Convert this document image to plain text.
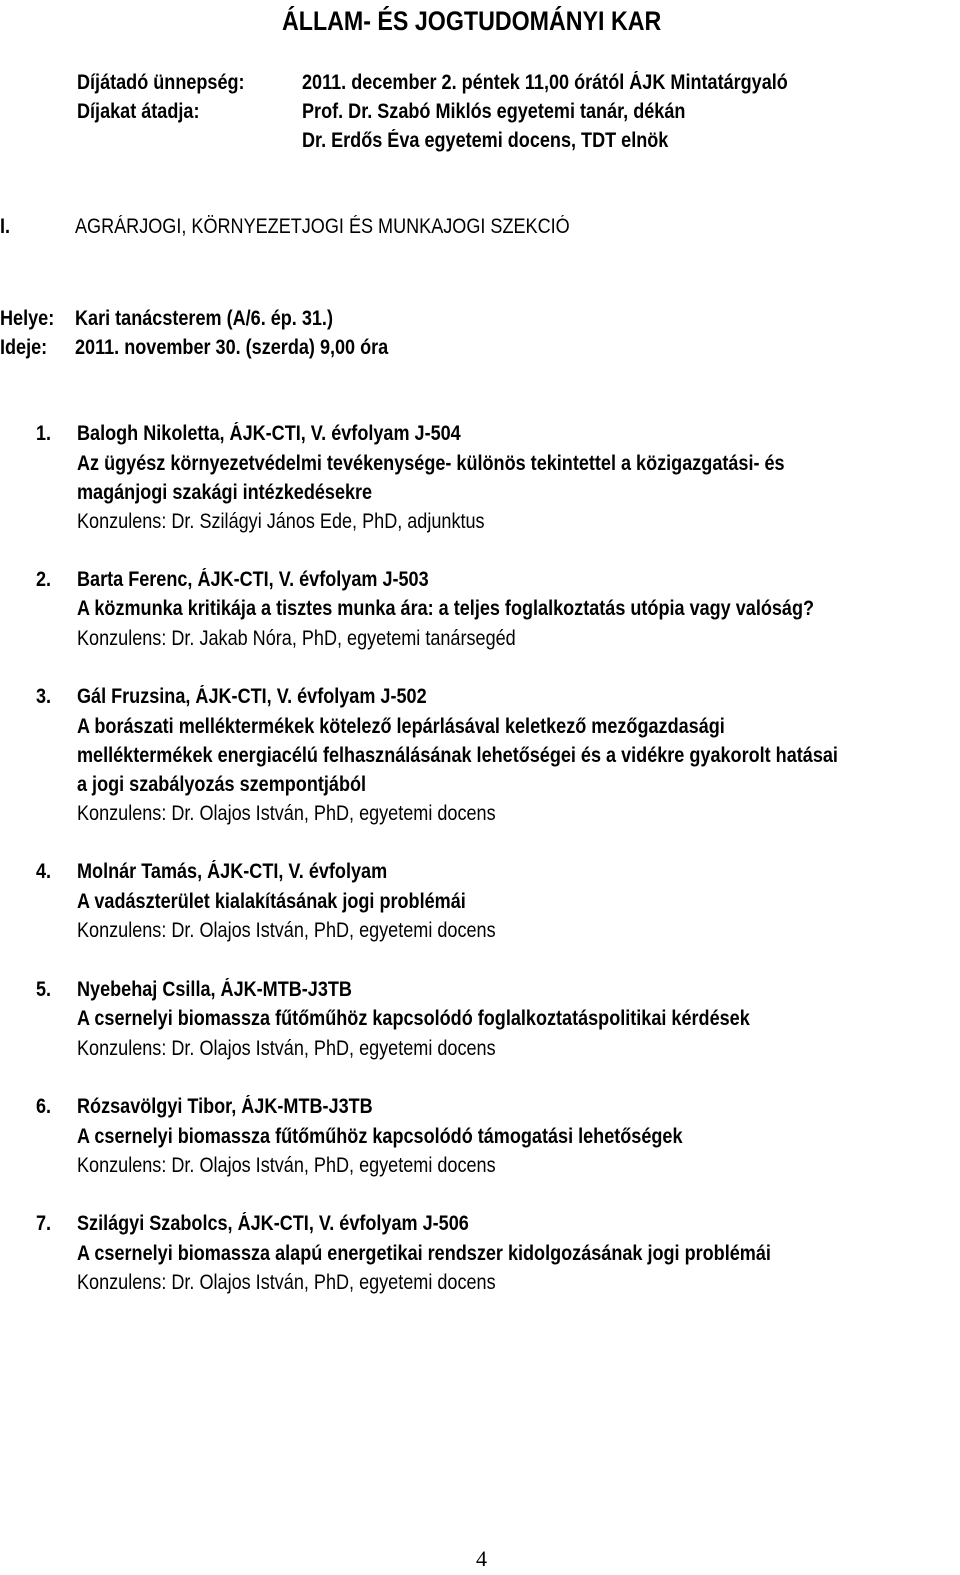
ÁLLAM- ÉS JOGTUDOMÁNYI KAR
Díjátadó ünnepség:	2011. december 2. péntek 11,00 órától ÁJK Mintatárgyaló
Díjakat átadja:	Prof. Dr. Szabó Miklós egyetemi tanár, dékán
Dr. Erdős Éva egyetemi docens, TDT elnök
I.	AGRÁRJOGI, KÖRNYEZETJOGI ÉS MUNKAJOGI SZEKCIÓ
Helye: Kari tanácsterem (A/6. ép. 31.)
Ideje: 2011. november 30. (szerda) 9,00 óra
1. Balogh Nikoletta, ÁJK-CTI, V. évfolyam J-504
Az ügyész környezetvédelmi tevékenysége- különös tekintettel a közigazgatási- és
magánjogi szakági intézkedésekre
Konzulens: Dr. Szilágyi János Ede, PhD, adjunktus
2. Barta Ferenc, ÁJK-CTI, V. évfolyam J-503
A közmunka kritikája a tisztes munka ára: a teljes foglalkoztatás utópia vagy valóság?
Konzulens: Dr. Jakab Nóra, PhD, egyetemi tanársegéd
3. Gál Fruzsina, ÁJK-CTI, V. évfolyam J-502
A borászati melléktermékek kötelező lepárlásával keletkező mezőgazdasági
melléktermékek energiacélú felhasználásának lehetőségei és a vidékre gyakorolt hatásai
a jogi szabályozás szempontjából
Konzulens: Dr. Olajos István, PhD, egyetemi docens
4. Molnár Tamás, ÁJK-CTI, V. évfolyam
A vadászterület kialakításának jogi problémái
Konzulens: Dr. Olajos István, PhD, egyetemi docens
5. Nyebehaj Csilla, ÁJK-MTB-J3TB
A csernelyi biomassza fűtőműhöz kapcsolódó foglalkoztatáspolitikai kérdések
Konzulens: Dr. Olajos István, PhD, egyetemi docens
6. Rózsavölgyi Tibor, ÁJK-MTB-J3TB
A csernelyi biomassza fűtőműhöz kapcsolódó támogatási lehetőségek
Konzulens: Dr. Olajos István, PhD, egyetemi docens
7. Szilágyi Szabolcs, ÁJK-CTI, V. évfolyam J-506
A csernelyi biomassza alapú energetikai rendszer kidolgozásának jogi problémái
Konzulens: Dr. Olajos István, PhD, egyetemi docens
4
